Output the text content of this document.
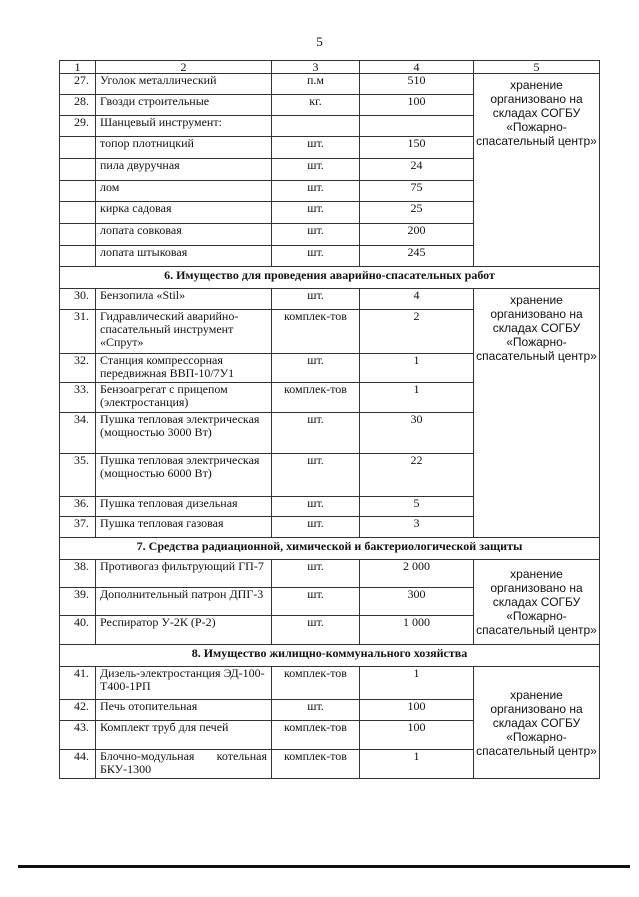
5
1	2	3	4	5
27.	Уголок металлический	п.м	510	хранение организовано на складах СОГБУ «Пожарно-спасательный центр»
28.	Гвозди строительные	кг.	100	
29.	Шанцевый инструмент:			
	топор плотницкий	шт.	150	
	пила двуручная	шт.	24	
	лом	шт.	75	
	кирка садовая	шт.	25	
	лопата совковая	шт.	200	
	лопата штыковая	шт.	245	
6. Имущество для проведения аварийно-спасательных работ				
30.	Бензопила «Stil»	шт.	4	хранение организовано на складах СОГБУ «Пожарно-спасательный центр»
31.	Гидравлический аварийно-спасательный инструмент «Спрут»	комплек-тов	2	
32.	Станция компрессорная передвижная ВВП-10/7У1	шт.	1	
33.	Бензоагрегат с прицепом (электростанция)	комплек-тов	1	
34.	Пушка тепловая электрическая (мощностью 3000 Вт)	шт.	30	
35.	Пушка тепловая электрическая (мощностью 6000 Вт)	шт.	22	
36.	Пушка тепловая дизельная	шт.	5	
37.	Пушка тепловая газовая	шт.	3	
7. Средства радиационной, химической и бактериологической защиты				
38.	Противогаз фильтрующий ГП-7	шт.	2 000	хранение организовано на складах СОГБУ «Пожарно-спасательный центр»
39.	Дополнительный патрон ДПГ-3	шт.	300	
40.	Респиратор У-2К (Р-2)	шт.	1 000	
8. Имущество жилищно-коммунального хозяйства				
41.	Дизель-электростанция ЭД-100-Т400-1РП	комплек-тов	1	хранение организовано на складах СОГБУ «Пожарно-спасательный центр»
42.	Печь отопительная	шт.	100	
43.	Комплект труб для печей	комплек-тов	100	
44.	Блочно-модульная котельная БКУ-1300	комплек-тов	1	
